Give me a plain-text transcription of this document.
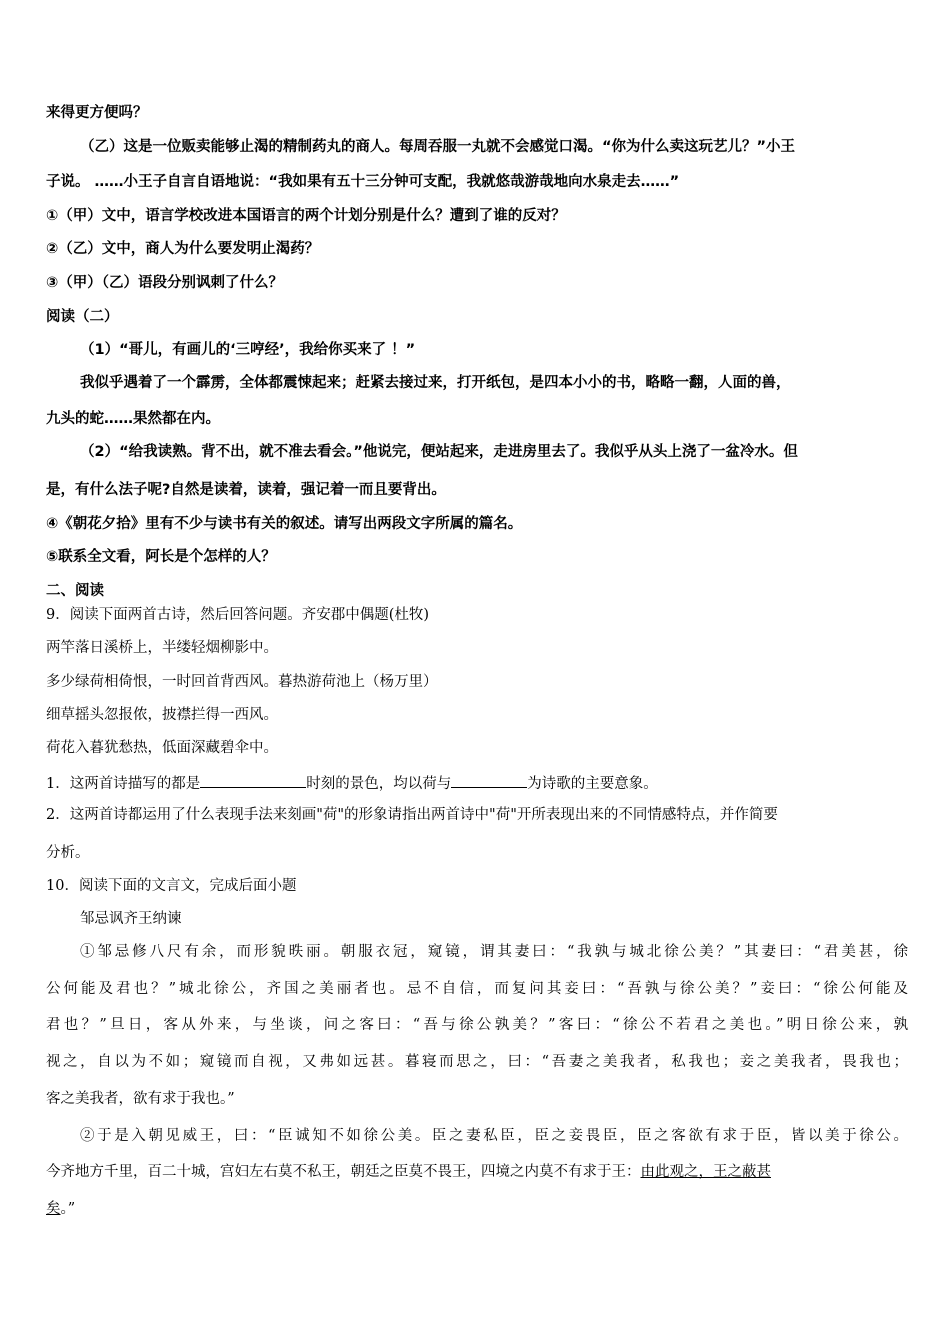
来得更方便吗？
（乙）这是一位贩卖能够止渴的精制药丸的商人。每周吞服一丸就不会感觉口渴。“你为什么卖这玩艺儿？”小王
子说。 ……小王子自言自语地说：“我如果有五十三分钟可支配，我就悠哉游哉地向水泉走去……”
①（甲）文中，语言学校改进本国语言的两个计划分别是什么？遭到了谁的反对？
②（乙）文中，商人为什么要发明止渴药？
③（甲）（乙）语段分别讽刺了什么？
阅读（二）
（1）“哥儿，有画儿的‘三哼经’，我给你买来了 ！”
我似乎遇着了一个霹雳，全体都震悚起来；赶紧去接过来，打开纸包，是四本小小的书，略略一翻，人面的兽，
九头的蛇……果然都在内。
（2）“给我读熟。背不出，就不准去看会。”他说完，便站起来，走进房里去了。我似乎从头上浇了一盆冷水。但
是，有什么法子呢?自然是读着，读着，强记着一而且要背出。
④《朝花夕拾》里有不少与读书有关的叙述。请写出两段文字所属的篇名。
⑤联系全文看，阿长是个怎样的人？
二、阅读
9．阅读下面两首古诗，然后回答问题。齐安郡中偶题(杜牧)
两竿落日溪桥上，半缕轻烟柳影中。
多少绿荷相倚恨，一时回首背西风。暮热游荷池上（杨万里）
细草摇头忽报侬，披襟拦得一西风。
荷花入暮犹愁热，低面深藏碧伞中。
1．这两首诗描写的都是	时刻的景色，均以荷与	为诗歌的主要意象。
2．这两首诗都运用了什么表现手法来刻画"荷"的形象请指出两首诗中"荷"开所表现出来的不同情感特点，并作简要
分析。
10．阅读下面的文言文，完成后面小题
邹忌讽齐王纳谏
①邹忌修八尺有余，而形貌昳丽。朝服衣冠，窥镜，谓其妻曰：“我孰与城北徐公美？”其妻曰：“君美甚，徐
公何能及君也？”城北徐公，齐国之美丽者也。忌不自信，而复问其妾曰：“吾孰与徐公美？”妾曰：“徐公何能及
君也？”旦日，客从外来，与坐谈，问之客曰：“吾与徐公孰美？”客曰：“徐公不若君之美也。”明日徐公来，孰
视之，自以为不如；窥镜而自视，又弗如远甚。暮寝而思之，曰：“吾妻之美我者，私我也；妾之美我者，畏我也；
客之美我者，欲有求于我也。”
②于是入朝见威王，曰：“臣诚知不如徐公美。臣之妻私臣，臣之妾畏臣，臣之客欲有求于臣，皆以美于徐公。
今齐地方千里，百二十城，宫妇左右莫不私王，朝廷之臣莫不畏王，四境之内莫不有求于王：由此观之，王之蔽甚
矣。”
